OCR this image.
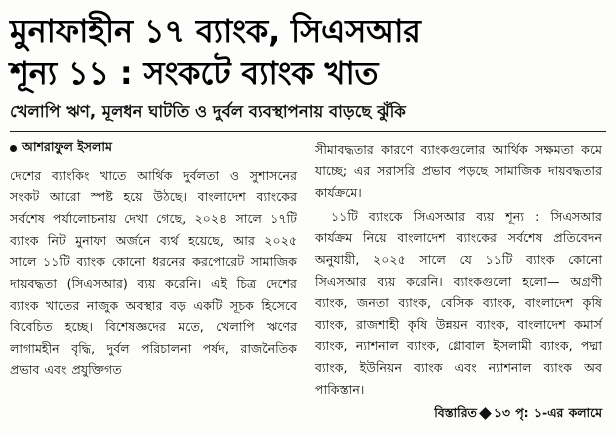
মুনাফাহীন ১৭ ব্যাংক, সিএসআর
শূন্য ১১ : সংকটে ব্যাংক খাত
খেলাপি ঋণ, মূলধন ঘাটতি ও দুর্বল ব্যবস্থাপনায় বাড়ছে ঝুঁকি
আশরাফুল ইসলাম

দেশের ব্যাংকিং খাতে আর্থিক দুর্বলতা ও সুশাসনের সংকট আরো স্পষ্ট হয়ে উঠছে। বাংলাদেশ ব্যাংকের সর্বশেষ পর্যালোচনায় দেখা গেছে, ২০২৪ সালে ১৭টি ব্যাংক নিট মুনাফা অর্জনে ব্যর্থ হয়েছে, আর ২০২৫ সালে ১১টি ব্যাংক কোনো ধরনের করপোরেট সামাজিক দায়বদ্ধতা (সিএসআর) ব্যয় করেনি। এই চিত্র দেশের ব্যাংক খাতের নাজুক অবস্থার বড় একটি সূচক হিসেবে বিবেচিত হচ্ছে। বিশেষজ্ঞদের মতে, খেলাপি ঋণের লাগামহীন বৃদ্ধি, দুর্বল পরিচালনা পর্ষদ, রাজনৈতিক প্রভাব এবং প্রযুক্তিগত

সীমাবদ্ধতার কারণে ব্যাংকগুলোর আর্থিক সক্ষমতা কমে যাচ্ছে; এর সরাসরি প্রভাব পড়ছে সামাজিক দায়বদ্ধতার কার্যক্রমে।

১১টি ব্যাংকে সিএসআর ব্যয় শূন্য : সিএসআর কার্যক্রম নিয়ে বাংলাদেশ ব্যাংকের সর্বশেষ প্রতিবেদন অনুযায়ী, ২০২৫ সালে যে ১১টি ব্যাংক কোনো সিএসআর ব্যয় করেনি। ব্যাংকগুলো হলো— অগ্রণী ব্যাংক, জনতা ব্যাংক, বেসিক ব্যাংক, বাংলাদেশ কৃষি ব্যাংক, রাজশাহী কৃষি উন্নয়ন ব্যাংক, বাংলাদেশ কমার্স ব্যাংক, ন্যাশনাল ব্যাংক, গ্লোবাল ইসলামী ব্যাংক, পদ্মা ব্যাংক, ইউনিয়ন ব্যাংক এবং ন্যাশনাল ব্যাংক অব পাকিস্তান।

বিস্তারিত ১৩ পৃ: ১-এর কলামে
